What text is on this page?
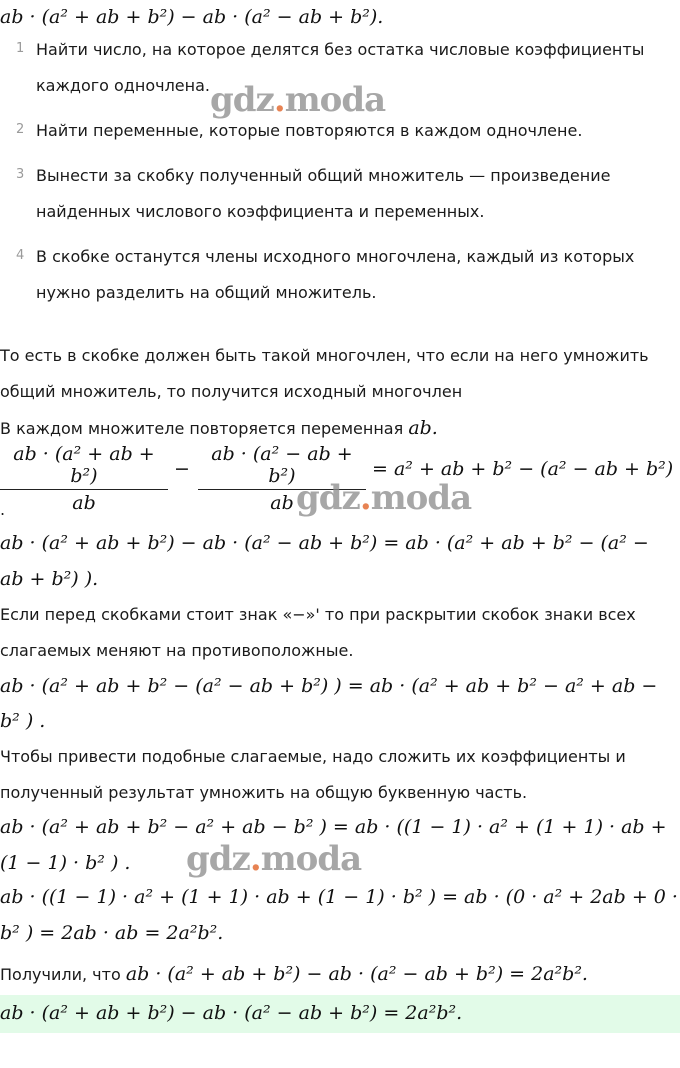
ab · (a² + ab + b²) − ab · (a² − ab + b²).
1 Найти число, на которое делятся без остатка числовые коэффициенты
каждого одночлена.
2 Найти переменные, которые повторяются в каждом одночлене.
3 Вынести за скобку полученный общий множитель — произведение
найденных числового коэффициента и переменных.
4 В скобке останутся члены исходного многочлена, каждый из которых
нужно разделить на общий множитель.
То есть в скобке должен быть такой многочлен, что если на него умножить
общий множитель, то получится исходный многочлен
В каждом множителе повторяется переменная ab.
ab · (a² + ab + b²)
ab
−
ab · (a² − ab + b²)
ab
= a² + ab + b² − (a² − ab + b²)
.
ab · (a² + ab + b²) − ab · (a² − ab + b²) = ab · (a² + ab + b² − (a² −
ab + b²) ).
Если перед скобками стоит знак «−»' то при раскрытии скобок знаки всех
слагаемых меняют на противоположные.
ab · (a² + ab + b² − (a² − ab + b²) ) = ab · (a² + ab + b² − a² + ab −
b² ) .
Чтобы привести подобные слагаемые, надо сложить их коэффициенты и
полученный результат умножить на общую буквенную часть.
ab · (a² + ab + b² − a² + ab − b² ) = ab · ((1 − 1) · a² + (1 + 1) · ab +
(1 − 1) · b² ) .
ab · ((1 − 1) · a² + (1 + 1) · ab + (1 − 1) · b² ) = ab · (0 · a² + 2ab + 0 ·
b² ) = 2ab · ab = 2a²b².
Получили, что ab · (a² + ab + b²) − ab · (a² − ab + b²) = 2a²b².
ab · (a² + ab + b²) − ab · (a² − ab + b²) = 2a²b².
gdz.moda
gdz.moda
gdz.moda
